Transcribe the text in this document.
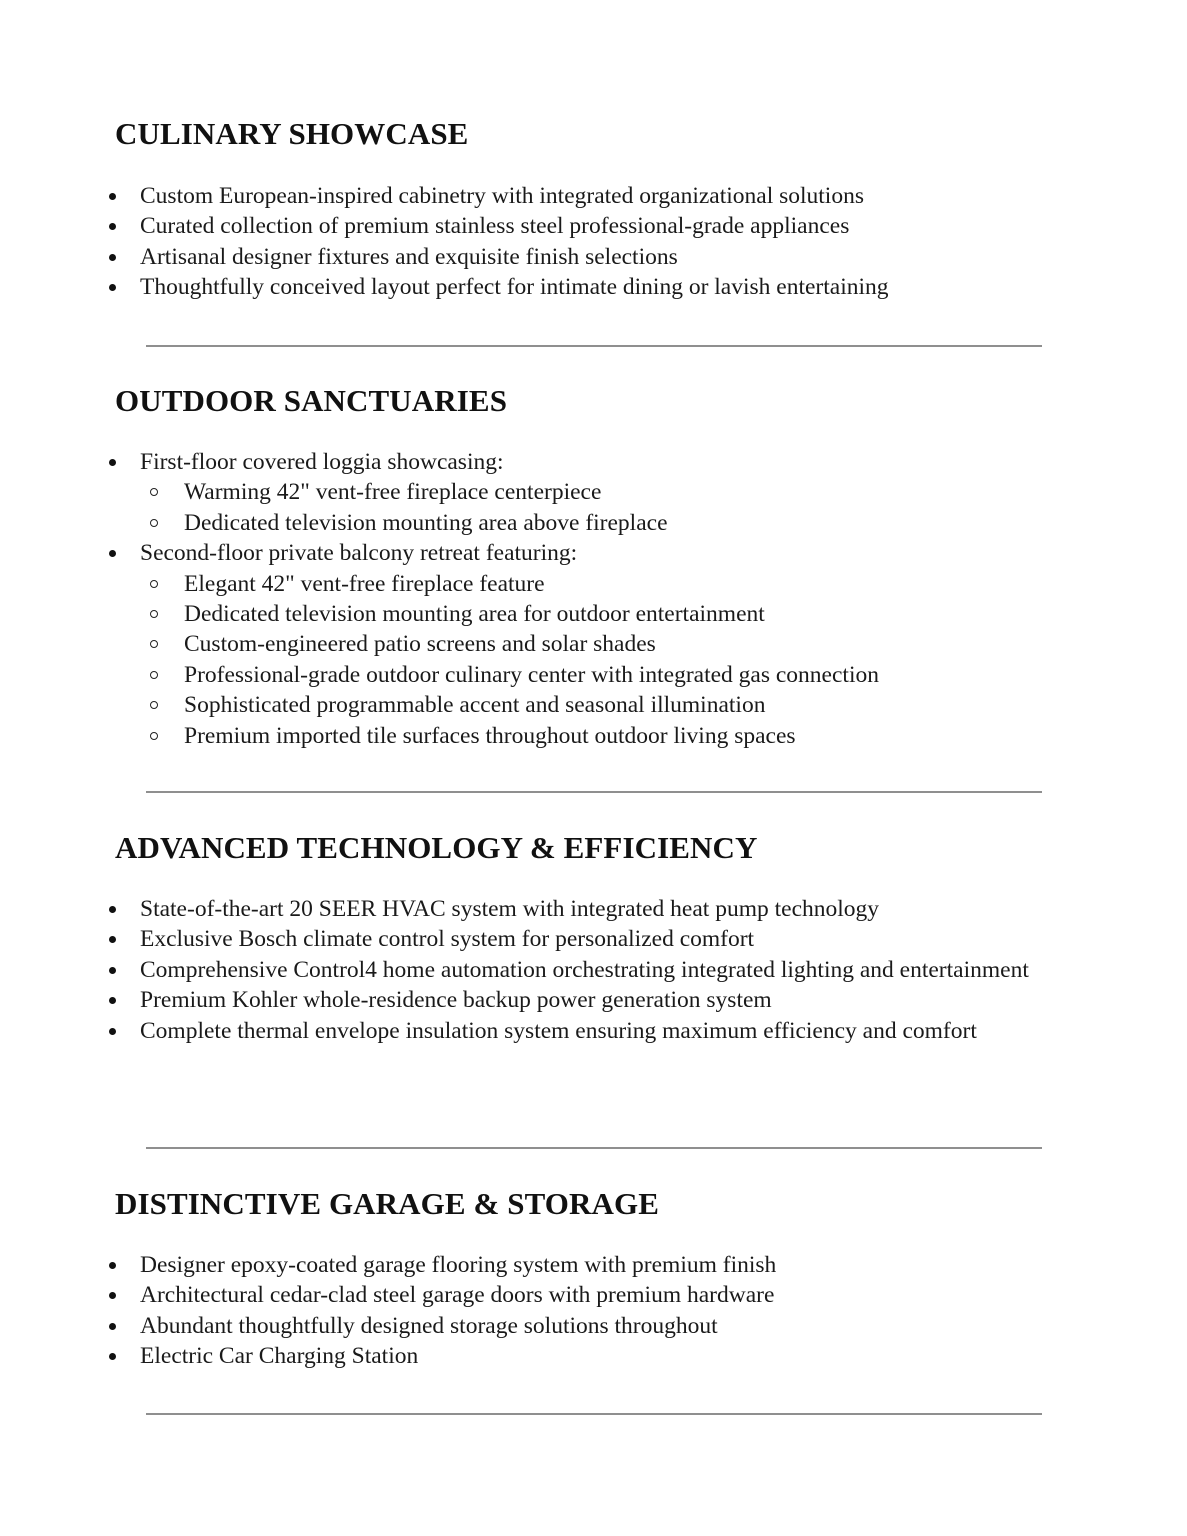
CULINARY SHOWCASE
Custom European-inspired cabinetry with integrated organizational solutions
Curated collection of premium stainless steel professional-grade appliances
Artisanal designer fixtures and exquisite finish selections
Thoughtfully conceived layout perfect for intimate dining or lavish entertaining
OUTDOOR SANCTUARIES
First-floor covered loggia showcasing:
Warming 42" vent-free fireplace centerpiece
Dedicated television mounting area above fireplace
Second-floor private balcony retreat featuring:
Elegant 42" vent-free fireplace feature
Dedicated television mounting area for outdoor entertainment
Custom-engineered patio screens and solar shades
Professional-grade outdoor culinary center with integrated gas connection
Sophisticated programmable accent and seasonal illumination
Premium imported tile surfaces throughout outdoor living spaces
ADVANCED TECHNOLOGY & EFFICIENCY
State-of-the-art 20 SEER HVAC system with integrated heat pump technology
Exclusive Bosch climate control system for personalized comfort
Comprehensive Control4 home automation orchestrating integrated lighting and entertainment
Premium Kohler whole-residence backup power generation system
Complete thermal envelope insulation system ensuring maximum efficiency and comfort
DISTINCTIVE GARAGE & STORAGE
Designer epoxy-coated garage flooring system with premium finish
Architectural cedar-clad steel garage doors with premium hardware
Abundant thoughtfully designed storage solutions throughout
Electric Car Charging Station
